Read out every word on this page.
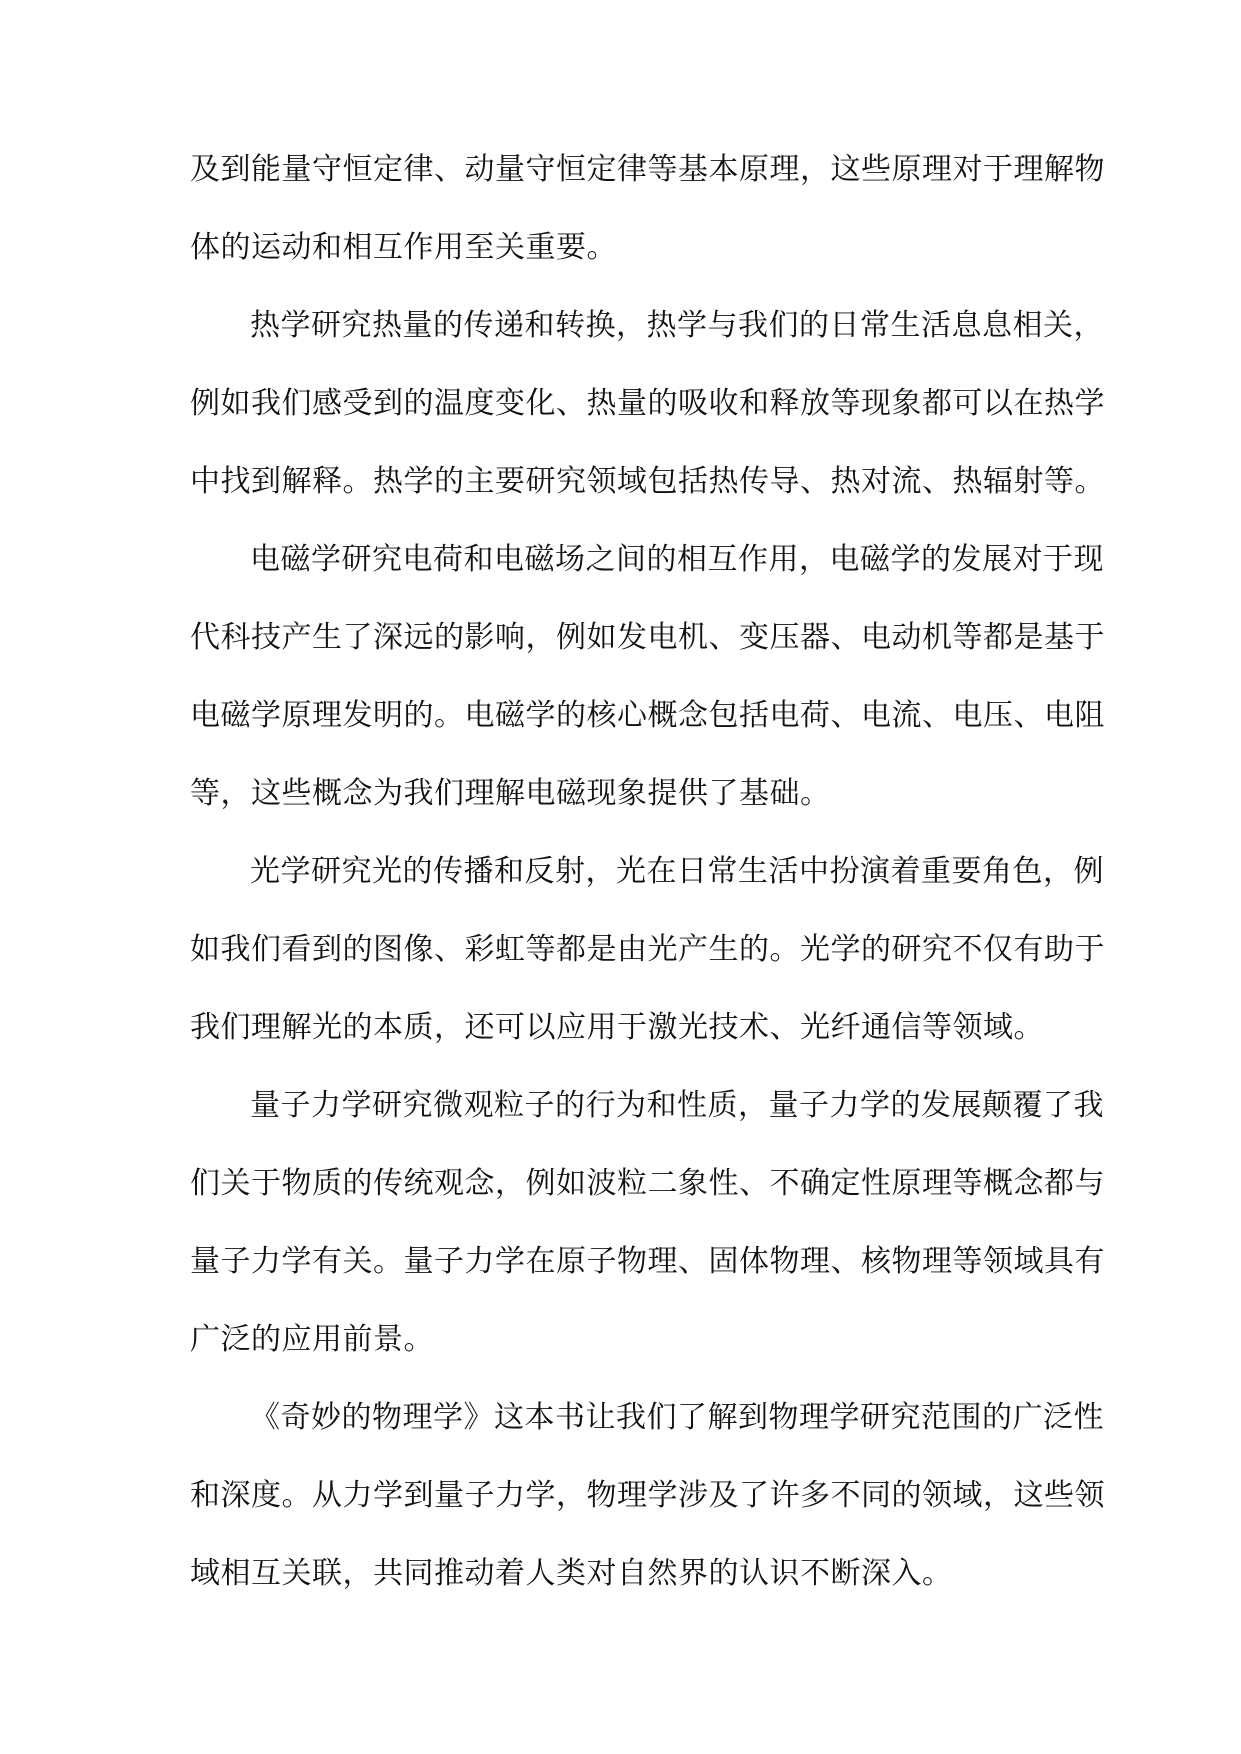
及到能量守恒定律、动量守恒定律等基本原理，这些原理对于理解物
体的运动和相互作用至关重要。
热学研究热量的传递和转换，热学与我们的日常生活息息相关，
例如我们感受到的温度变化、热量的吸收和释放等现象都可以在热学
中找到解释。热学的主要研究领域包括热传导、热对流、热辐射等。
电磁学研究电荷和电磁场之间的相互作用，电磁学的发展对于现
代科技产生了深远的影响，例如发电机、变压器、电动机等都是基于
电磁学原理发明的。电磁学的核心概念包括电荷、电流、电压、电阻
等，这些概念为我们理解电磁现象提供了基础。
光学研究光的传播和反射，光在日常生活中扮演着重要角色，例
如我们看到的图像、彩虹等都是由光产生的。光学的研究不仅有助于
我们理解光的本质，还可以应用于激光技术、光纤通信等领域。
量子力学研究微观粒子的行为和性质，量子力学的发展颠覆了我
们关于物质的传统观念，例如波粒二象性、不确定性原理等概念都与
量子力学有关。量子力学在原子物理、固体物理、核物理等领域具有
广泛的应用前景。
《奇妙的物理学》这本书让我们了解到物理学研究范围的广泛性
和深度。从力学到量子力学，物理学涉及了许多不同的领域，这些领
域相互关联，共同推动着人类对自然界的认识不断深入。
